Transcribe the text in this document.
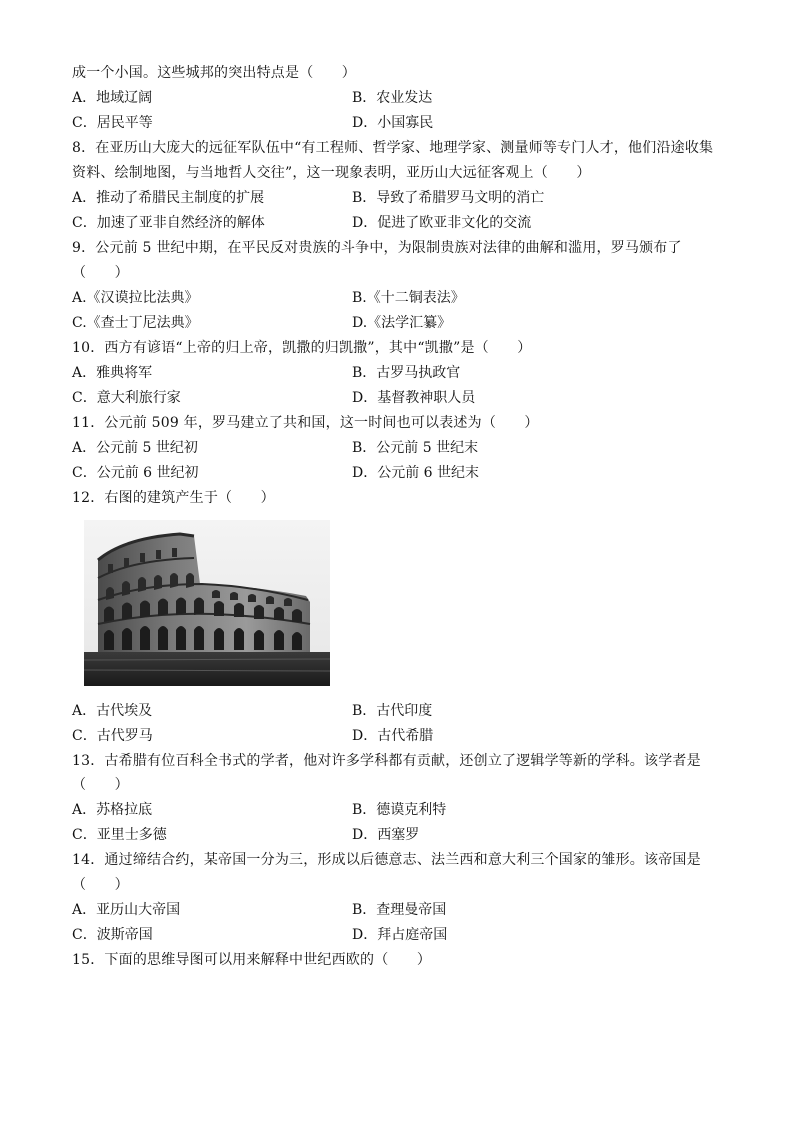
成一个小国。这些城邦的突出特点是（　　）
A．地域辽阔	B．农业发达
C．居民平等	D．小国寡民
8．在亚历山大庞大的远征军队伍中“有工程师、哲学家、地理学家、测量师等专门人才，他们沿途收集
资料、绘制地图，与当地哲人交往”，这一现象表明，亚历山大远征客观上（　　）
A．推动了希腊民主制度的扩展	B．导致了希腊罗马文明的消亡
C．加速了亚非自然经济的解体	D．促进了欧亚非文化的交流
9．公元前 5 世纪中期，在平民反对贵族的斗争中，为限制贵族对法律的曲解和滥用，罗马颁布了
（　　）
A.《汉谟拉比法典》	B.《十二铜表法》
C.《查士丁尼法典》	D.《法学汇纂》
10．西方有谚语“上帝的归上帝，凯撒的归凯撒”，其中“凯撒”是（　　）
A．雅典将军	B．古罗马执政官
C．意大利旅行家	D．基督教神职人员
11．公元前 509 年，罗马建立了共和国，这一时间也可以表述为（　　）
A．公元前 5 世纪初	B．公元前 5 世纪末
C．公元前 6 世纪初	D．公元前 6 世纪末
12．右图的建筑产生于（　　）
A．古代埃及	B．古代印度
C．古代罗马	D．古代希腊
13．古希腊有位百科全书式的学者，他对许多学科都有贡献，还创立了逻辑学等新的学科。该学者是
（　　）
A．苏格拉底	B．德谟克利特
C．亚里士多德	D．西塞罗
14．通过缔结合约，某帝国一分为三，形成以后德意志、法兰西和意大利三个国家的雏形。该帝国是
（　　）
A．亚历山大帝国	B．查理曼帝国
C．波斯帝国	D．拜占庭帝国
15．下面的思维导图可以用来解释中世纪西欧的（　　）
